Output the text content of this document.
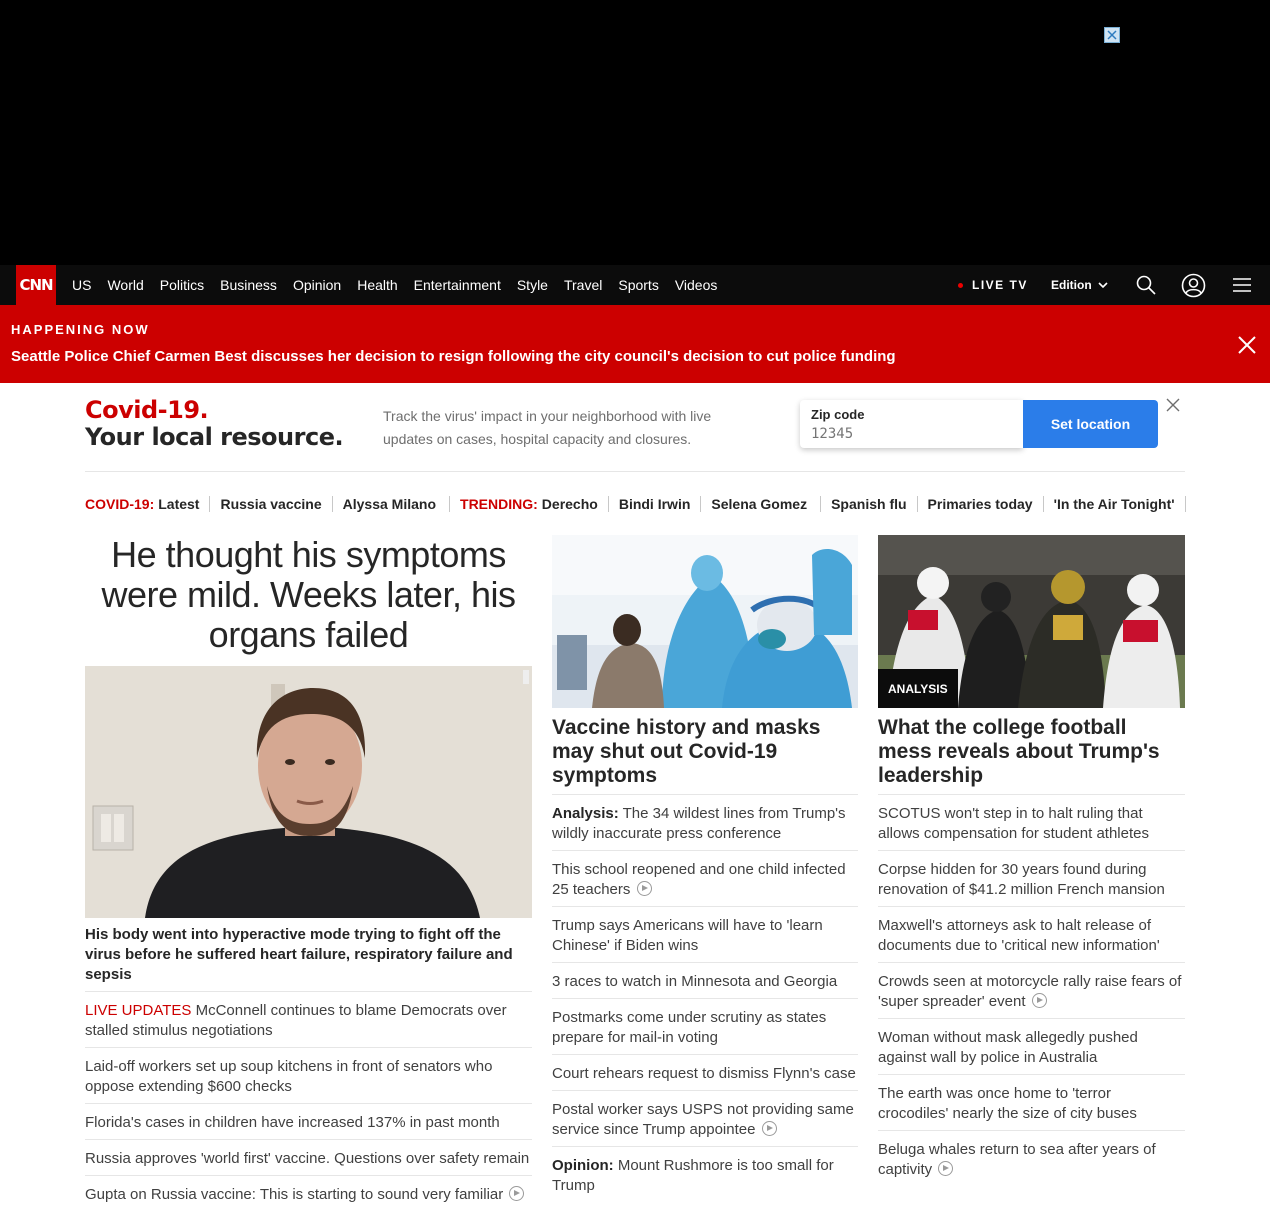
CNN US World Politics Business Opinion Health Entertainment Style Travel Sports Videos	LIVE TV Edition
HAPPENING NOW
Seattle Police Chief Carmen Best discusses her decision to resign following the city council's decision to cut police funding
Covid-19.
Your local resource.
Track the virus' impact in your neighborhood with live updates on cases, hospital capacity and closures.
Zip code
12345
Set location
COVID-19: Latest Russia vaccine Alyssa Milano TRENDING: Derecho Bindi Irwin Selena Gomez Spanish flu Primaries today 'In the Air Tonight'
He thought his symptoms were mild. Weeks later, his organs failed
His body went into hyperactive mode trying to fight off the virus before he suffered heart failure, respiratory failure and sepsis
LIVE UPDATES McConnell continues to blame Democrats over stalled stimulus negotiations
Laid-off workers set up soup kitchens in front of senators who oppose extending $600 checks
Florida's cases in children have increased 137% in past month
Russia approves 'world first' vaccine. Questions over safety remain
Gupta on Russia vaccine: This is starting to sound very familiar
Vaccine history and masks may shut out Covid-19 symptoms
Analysis: The 34 wildest lines from Trump's wildly inaccurate press conference
This school reopened and one child infected 25 teachers
Trump says Americans will have to 'learn Chinese' if Biden wins
3 races to watch in Minnesota and Georgia
Postmarks come under scrutiny as states prepare for mail-in voting
Court rehears request to dismiss Flynn's case
Postal worker says USPS not providing same service since Trump appointee
Opinion: Mount Rushmore is too small for Trump
ANALYSIS
What the college football mess reveals about Trump's leadership
SCOTUS won't step in to halt ruling that allows compensation for student athletes
Corpse hidden for 30 years found during renovation of $41.2 million French mansion
Maxwell's attorneys ask to halt release of documents due to 'critical new information'
Crowds seen at motorcycle rally raise fears of 'super spreader' event
Woman without mask allegedly pushed against wall by police in Australia
The earth was once home to 'terror crocodiles' nearly the size of city buses
Beluga whales return to sea after years of captivity
